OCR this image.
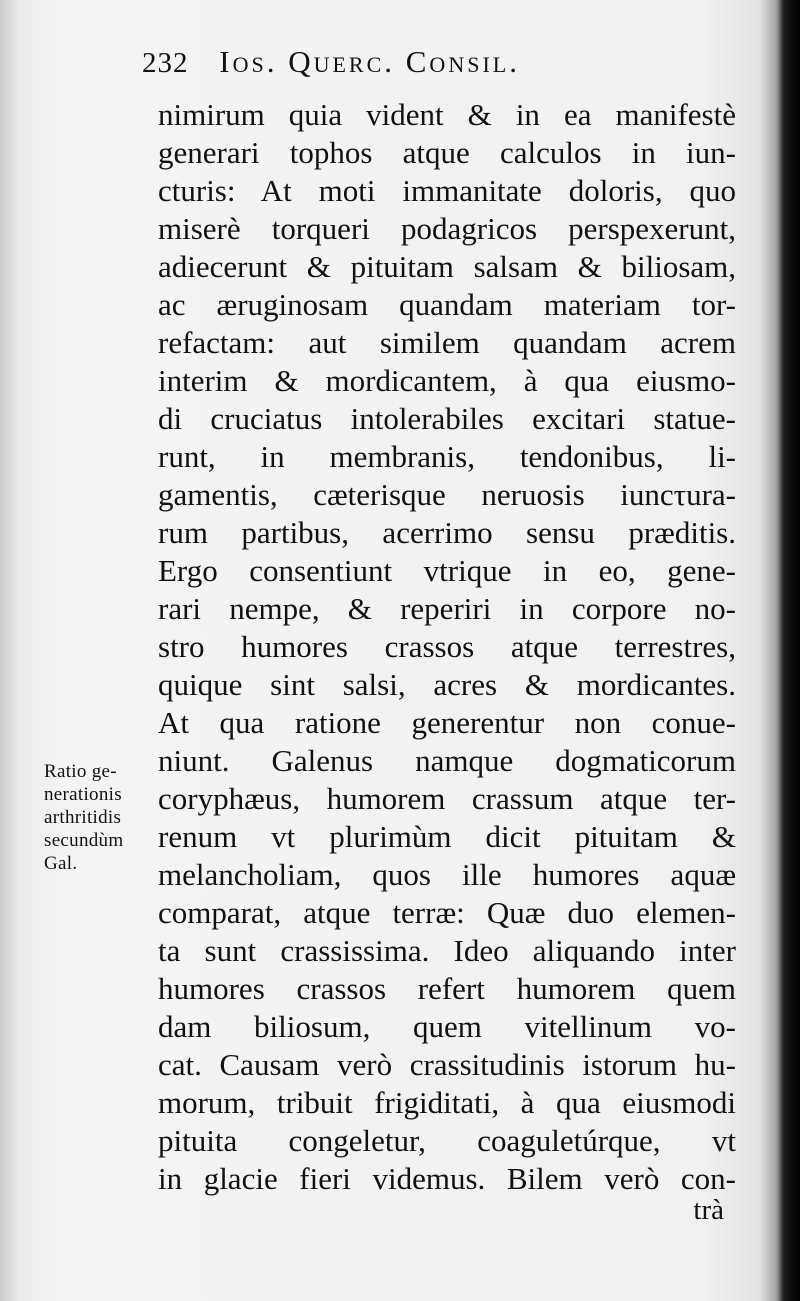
232 Ios. Querc. Consil.
nimirum quia vident & in ea manifestè
generari tophos atque calculos in iun-
cturis: At moti immanitate doloris, quo
miserè torqueri podagricos perspexerunt,
adiecerunt & pituitam salsam & biliosam,
ac æruginosam quandam materiam tor-
refactam: aut similem quandam acrem
interim & mordicantem, à qua eiusmo-
di cruciatus intolerabiles excitari statue-
runt, in membranis, tendonibus, li-
gamentis, cæterisque neruosis iuncτura-
rum partibus, acerrimo sensu præditis.
Ergo consentiunt vtrique in eo, gene-
rari nempe, & reperiri in corpore no-
stro humores crassos atque terrestres,
quique sint salsi, acres & mordicantes.
At qua ratione generentur non conue-
niunt. Galenus namque dogmaticorum
coryphæus, humorem crassum atque ter-
renum vt plurimùm dicit pituitam &
melancholiam, quos ille humores aquæ
comparat, atque terræ: Quæ duo elemen-
ta sunt crassissima. Ideo aliquando inter
humores crassos refert humorem quem
dam biliosum, quem vitellinum vo-
cat. Causam verò crassitudinis istorum hu-
morum, tribuit frigiditati, à qua eiusmodi
pituita congeletur, coaguletúrque, vt
in glacie fieri videmus. Bilem verò con-
trà
Ratio ge-
nerationis
arthritidis
secundùm
Gal.
